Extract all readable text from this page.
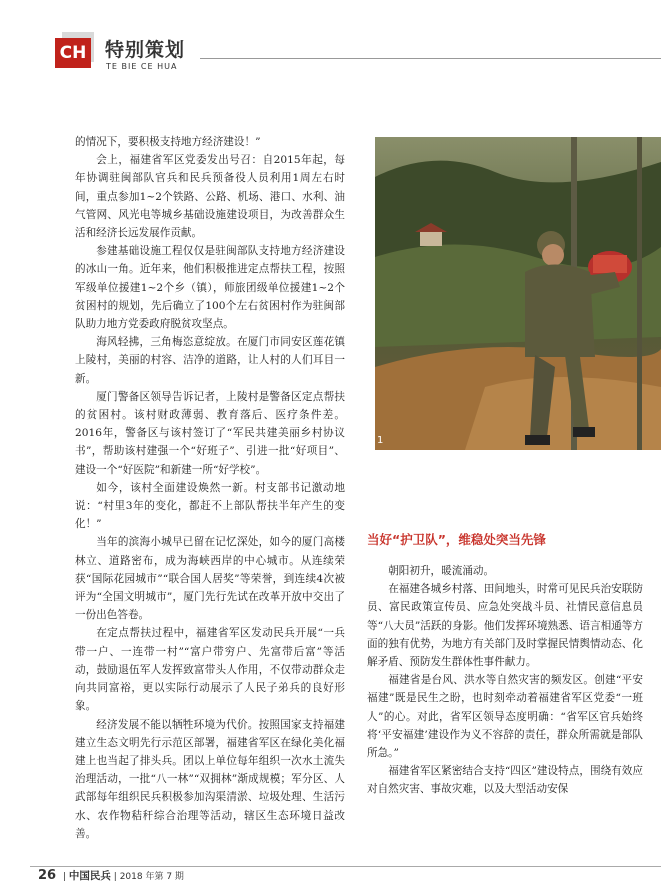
CH 特别策划
TE BIE CE HUA

的情况下，要积极支持地方经济建设！”

会上，福建省军区党委发出号召：自2015年起，每年协调驻闽部队官兵和民兵预备役人员利用1周左右时间，重点参加1~2个铁路、公路、机场、港口、水利、油气管网、风光电等城乡基础设施建设项目，为改善群众生活和经济长远发展作贡献。

参建基础设施工程仅仅是驻闽部队支持地方经济建设的冰山一角。近年来，他们积极推进定点帮扶工程，按照军级单位援建1~2个乡（镇），师旅团级单位援建1~2个贫困村的规划，先后确立了100个左右贫困村作为驻闽部队助力地方党委政府脱贫攻坚点。

海风轻拂，三角梅恣意绽放。在厦门市同安区莲花镇上陵村，美丽的村容、洁净的道路，让人村的人们耳目一新。

厦门警备区领导告诉记者，上陵村是警备区定点帮扶的贫困村。该村财政薄弱、教育落后、医疗条件差。2016年，警备区与该村签订了“军民共建美丽乡村协议书”，帮助该村建强一个“好班子”、引进一批“好项目”、建设一个“好医院”和新建一所“好学校”。

如今，该村全面建设焕然一新。村支部书记激动地说：“村里3年的变化，都赶不上部队帮扶半年产生的变化！”

当年的滨海小城早已留在记忆深处，如今的厦门高楼林立、道路密布，成为海峡西岸的中心城市。从连续荣获“国际花园城市”“联合国人居奖”等荣誉，到连续4次被评为“全国文明城市”，厦门先行先试在改革开放中交出了一份出色答卷。

在定点帮扶过程中，福建省军区发动民兵开展“一兵带一户、一连带一村”“富户带穷户、先富带后富”等活动，鼓励退伍军人发挥致富带头人作用，不仅带动群众走向共同富裕，更以实际行动展示了人民子弟兵的良好形象。

经济发展不能以牺牲环境为代价。按照国家支持福建建立生态文明先行示范区部署，福建省军区在绿化美化福建上也当起了排头兵。团以上单位每年组织一次水土流失治理活动，一批“八一林”“双拥林”渐成规模；军分区、人武部每年组织民兵积极参加沟渠清淤、垃圾处理、生活污水、农作物秸秆综合治理等活动，辖区生态环境日益改善。

1
当好“护卫队”，维稳处突当先锋

朝阳初升，暖流涌动。

在福建各城乡村落、田间地头，时常可见民兵治安联防员、富民政策宣传员、应急处突战斗员、社情民意信息员等“八大员”活跃的身影。他们发挥环境熟悉、语言相通等方面的独有优势，为地方有关部门及时掌握民情舆情动态、化解矛盾、预防发生群体性事件献力。

福建省是台风、洪水等自然灾害的频发区。创建“平安福建”既是民生之盼，也时刻牵动着福建省军区党委“一班人”的心。对此，省军区领导态度明确：“省军区官兵始终将‘平安福建’建设作为义不容辞的责任，群众所需就是部队所急。”

福建省军区紧密结合支持“四区”建设特点，围绕有效应对自然灾害、事故灾难，以及大型活动安保

26 | 中国民兵 | 2018 年第 7 期
